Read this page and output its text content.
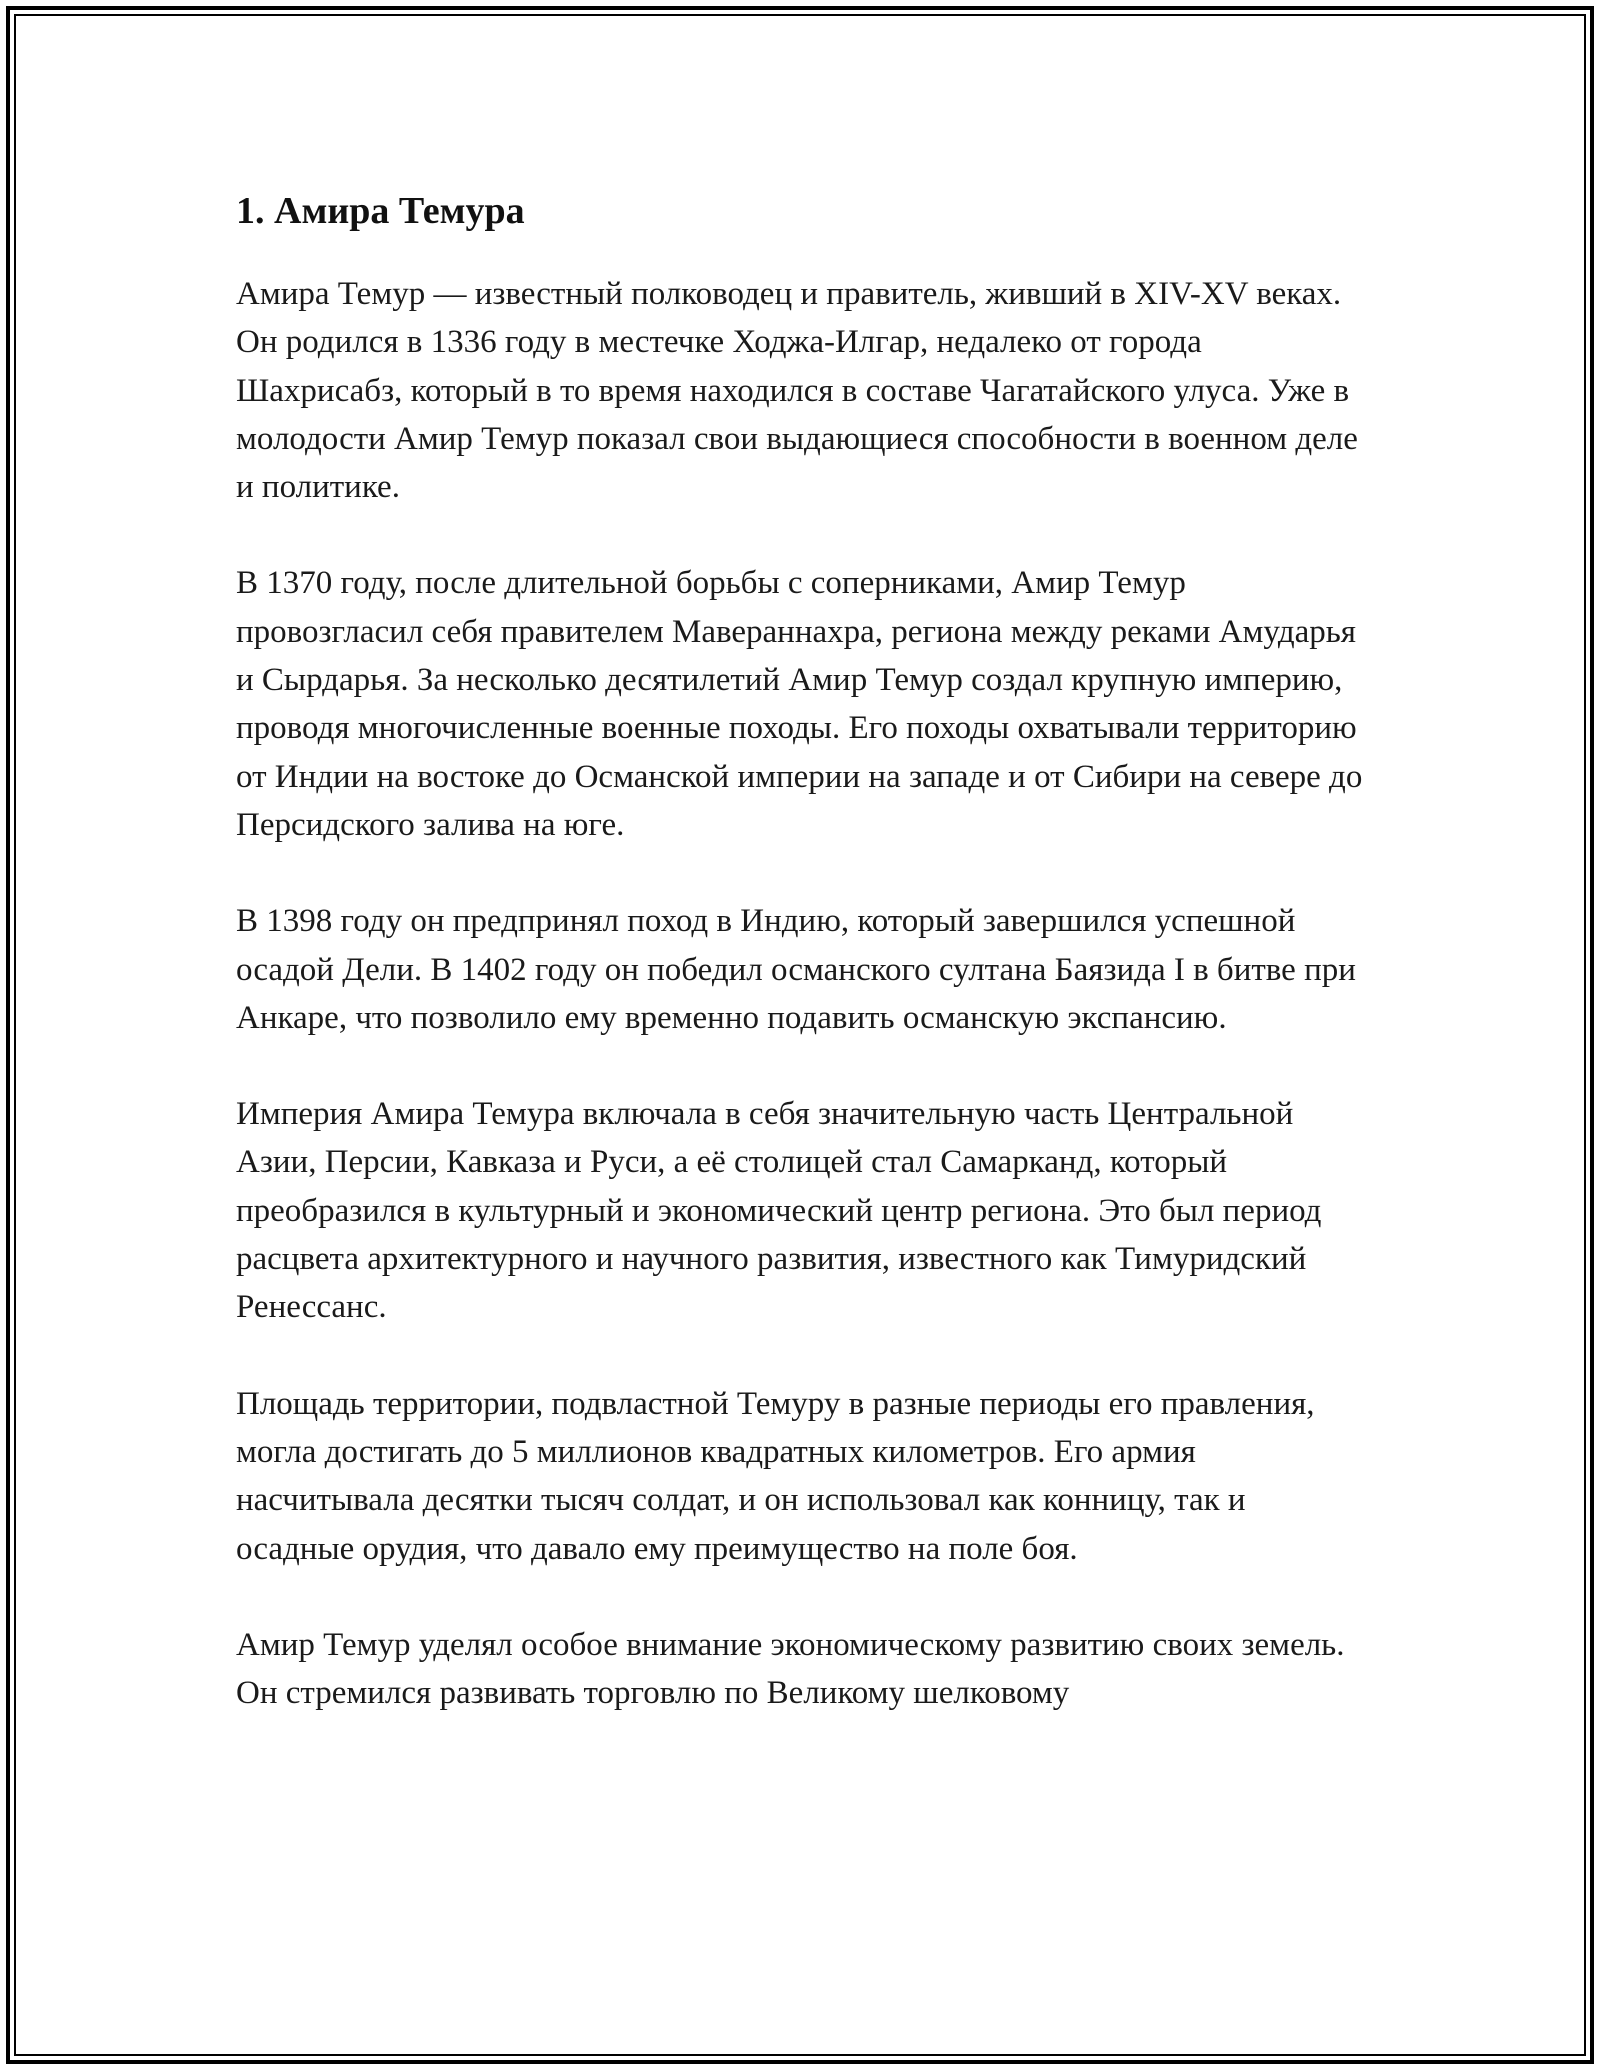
1. Амира Темура

Амира Темур — известный полководец и правитель, живший в XIV-XV веках. Он родился в 1336 году в местечке Ходжа-Илгар, недалеко от города Шахрисабз, который в то время находился в составе Чагатайского улуса. Уже в молодости Амир Темур показал свои выдающиеся способности в военном деле и политике.

В 1370 году, после длительной борьбы с соперниками, Амир Темур провозгласил себя правителем Мавераннахра, региона между реками Амударья и Сырдарья. За несколько десятилетий Амир Темур создал крупную империю, проводя многочисленные военные походы. Его походы охватывали территорию от Индии на востоке до Османской империи на западе и от Сибири на севере до Персидского залива на юге.

В 1398 году он предпринял поход в Индию, который завершился успешной осадой Дели. В 1402 году он победил османского султана Баязида I в битве при Анкаре, что позволило ему временно подавить османскую экспансию.

Империя Амира Темура включала в себя значительную часть Центральной Азии, Персии, Кавказа и Руси, а её столицей стал Самарканд, который преобразился в культурный и экономический центр региона. Это был период расцвета архитектурного и научного развития, известного как Тимуридский Ренессанс.

Площадь территории, подвластной Темуру в разные периоды его правления, могла достигать до 5 миллионов квадратных километров. Его армия насчитывала десятки тысяч солдат, и он использовал как конницу, так и осадные орудия, что давало ему преимущество на поле боя.

Амир Темур уделял особое внимание экономическому развитию своих земель. Он стремился развивать торговлю по Великому шелковому
